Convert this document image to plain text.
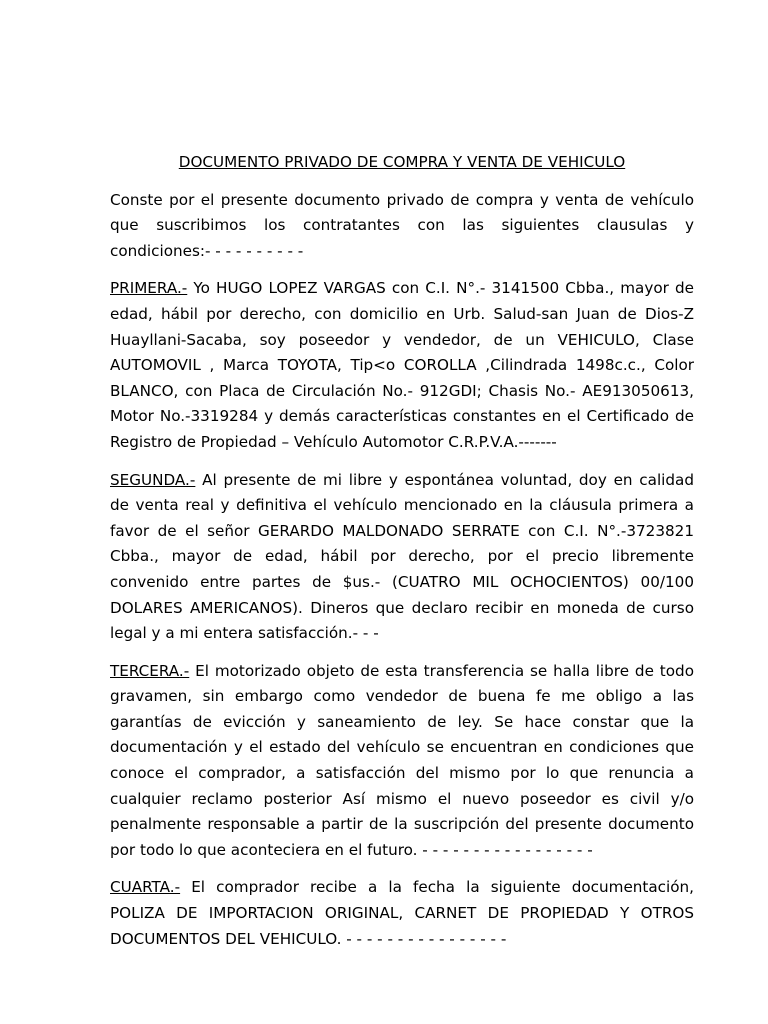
DOCUMENTO PRIVADO DE COMPRA Y VENTA DE VEHICULO

Conste por el presente documento privado de compra y venta de vehículo que suscribimos los contratantes con las siguientes clausulas y condiciones:- - - - - - - - - -

PRIMERA.- Yo HUGO LOPEZ VARGAS con C.I. N°.- 3141500 Cbba., mayor de edad, hábil por derecho, con domicilio en Urb. Salud-san Juan de Dios-Z Huayllani-Sacaba, soy poseedor y vendedor, de un VEHICULO, Clase AUTOMOVIL , Marca TOYOTA, Tip<o COROLLA ,Cilindrada 1498c.c., Color BLANCO, con Placa de Circulación No.- 912GDI; Chasis No.- AE913050613, Motor No.-3319284 y demás características constantes en el Certificado de Registro de Propiedad – Vehículo Automotor C.R.P.V.A.-------

SEGUNDA.- Al presente de mi libre y espontánea voluntad, doy en calidad de venta real y definitiva el vehículo mencionado en la cláusula primera a favor de el señor GERARDO MALDONADO SERRATE con C.I. N°.-3723821 Cbba., mayor de edad, hábil por derecho, por el precio libremente convenido entre partes de $us.- (CUATRO MIL OCHOCIENTOS) 00/100 DOLARES AMERICANOS). Dineros que declaro recibir en moneda de curso legal y a mi entera satisfacción.- - -

TERCERA.- El motorizado objeto de esta transferencia se halla libre de todo gravamen, sin embargo como vendedor de buena fe me obligo a las garantías de evicción y saneamiento de ley. Se hace constar que la documentación y el estado del vehículo se encuentran en condiciones que conoce el comprador, a satisfacción del mismo por lo que renuncia a cualquier reclamo posterior Así mismo el nuevo poseedor es civil y/o penalmente responsable a partir de la suscripción del presente documento por todo lo que aconteciera en el futuro. - - - - - - - - - - - - - - - - -

CUARTA.- El comprador recibe a la fecha la siguiente documentación, POLIZA DE IMPORTACION ORIGINAL, CARNET DE PROPIEDAD Y OTROS DOCUMENTOS DEL VEHICULO. - - - - - - - - - - - - - - - -
